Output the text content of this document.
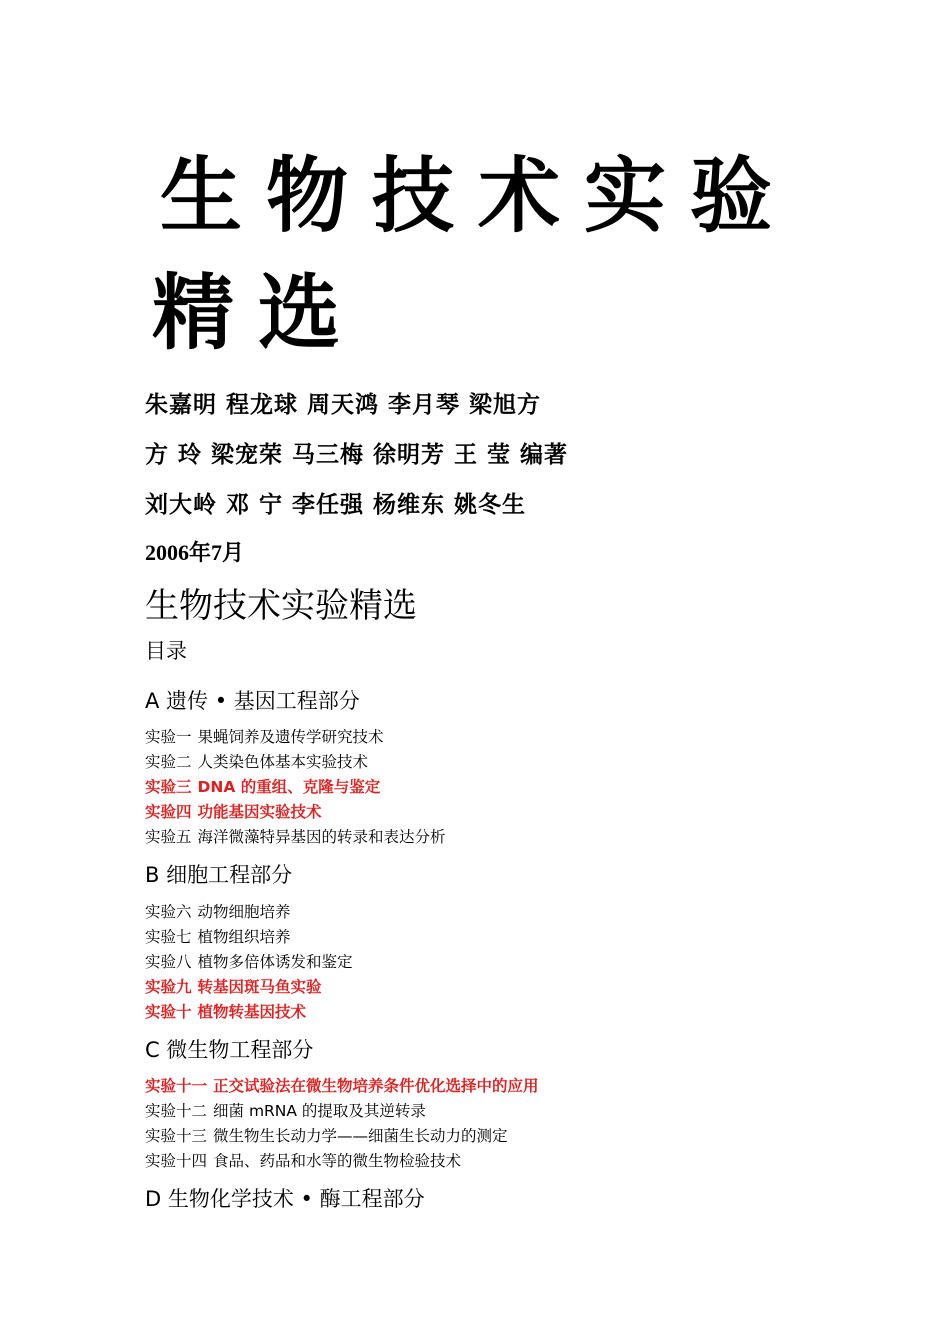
生物技术实验
精选
朱嘉明 程龙球 周天鸿 李月琴 梁旭方
方 玲 梁宠荣 马三梅 徐明芳 王 莹 编著
刘大岭 邓 宁 李任强 杨维东 姚冬生
2006年7月
生物技术实验精选
目录
A 遗传 • 基因工程部分
实验一 果蝇饲养及遗传学研究技术
实验二 人类染色体基本实验技术
实验三 DNA 的重组、克隆与鉴定
实验四 功能基因实验技术
实验五 海洋微藻特异基因的转录和表达分析
B 细胞工程部分
实验六 动物细胞培养
实验七 植物组织培养
实验八 植物多倍体诱发和鉴定
实验九 转基因斑马鱼实验
实验十 植物转基因技术
C 微生物工程部分
实验十一 正交试验法在微生物培养条件优化选择中的应用
实验十二 细菌 mRNA 的提取及其逆转录
实验十三 微生物生长动力学——细菌生长动力的测定
实验十四 食品、药品和水等的微生物检验技术
D 生物化学技术 • 酶工程部分
